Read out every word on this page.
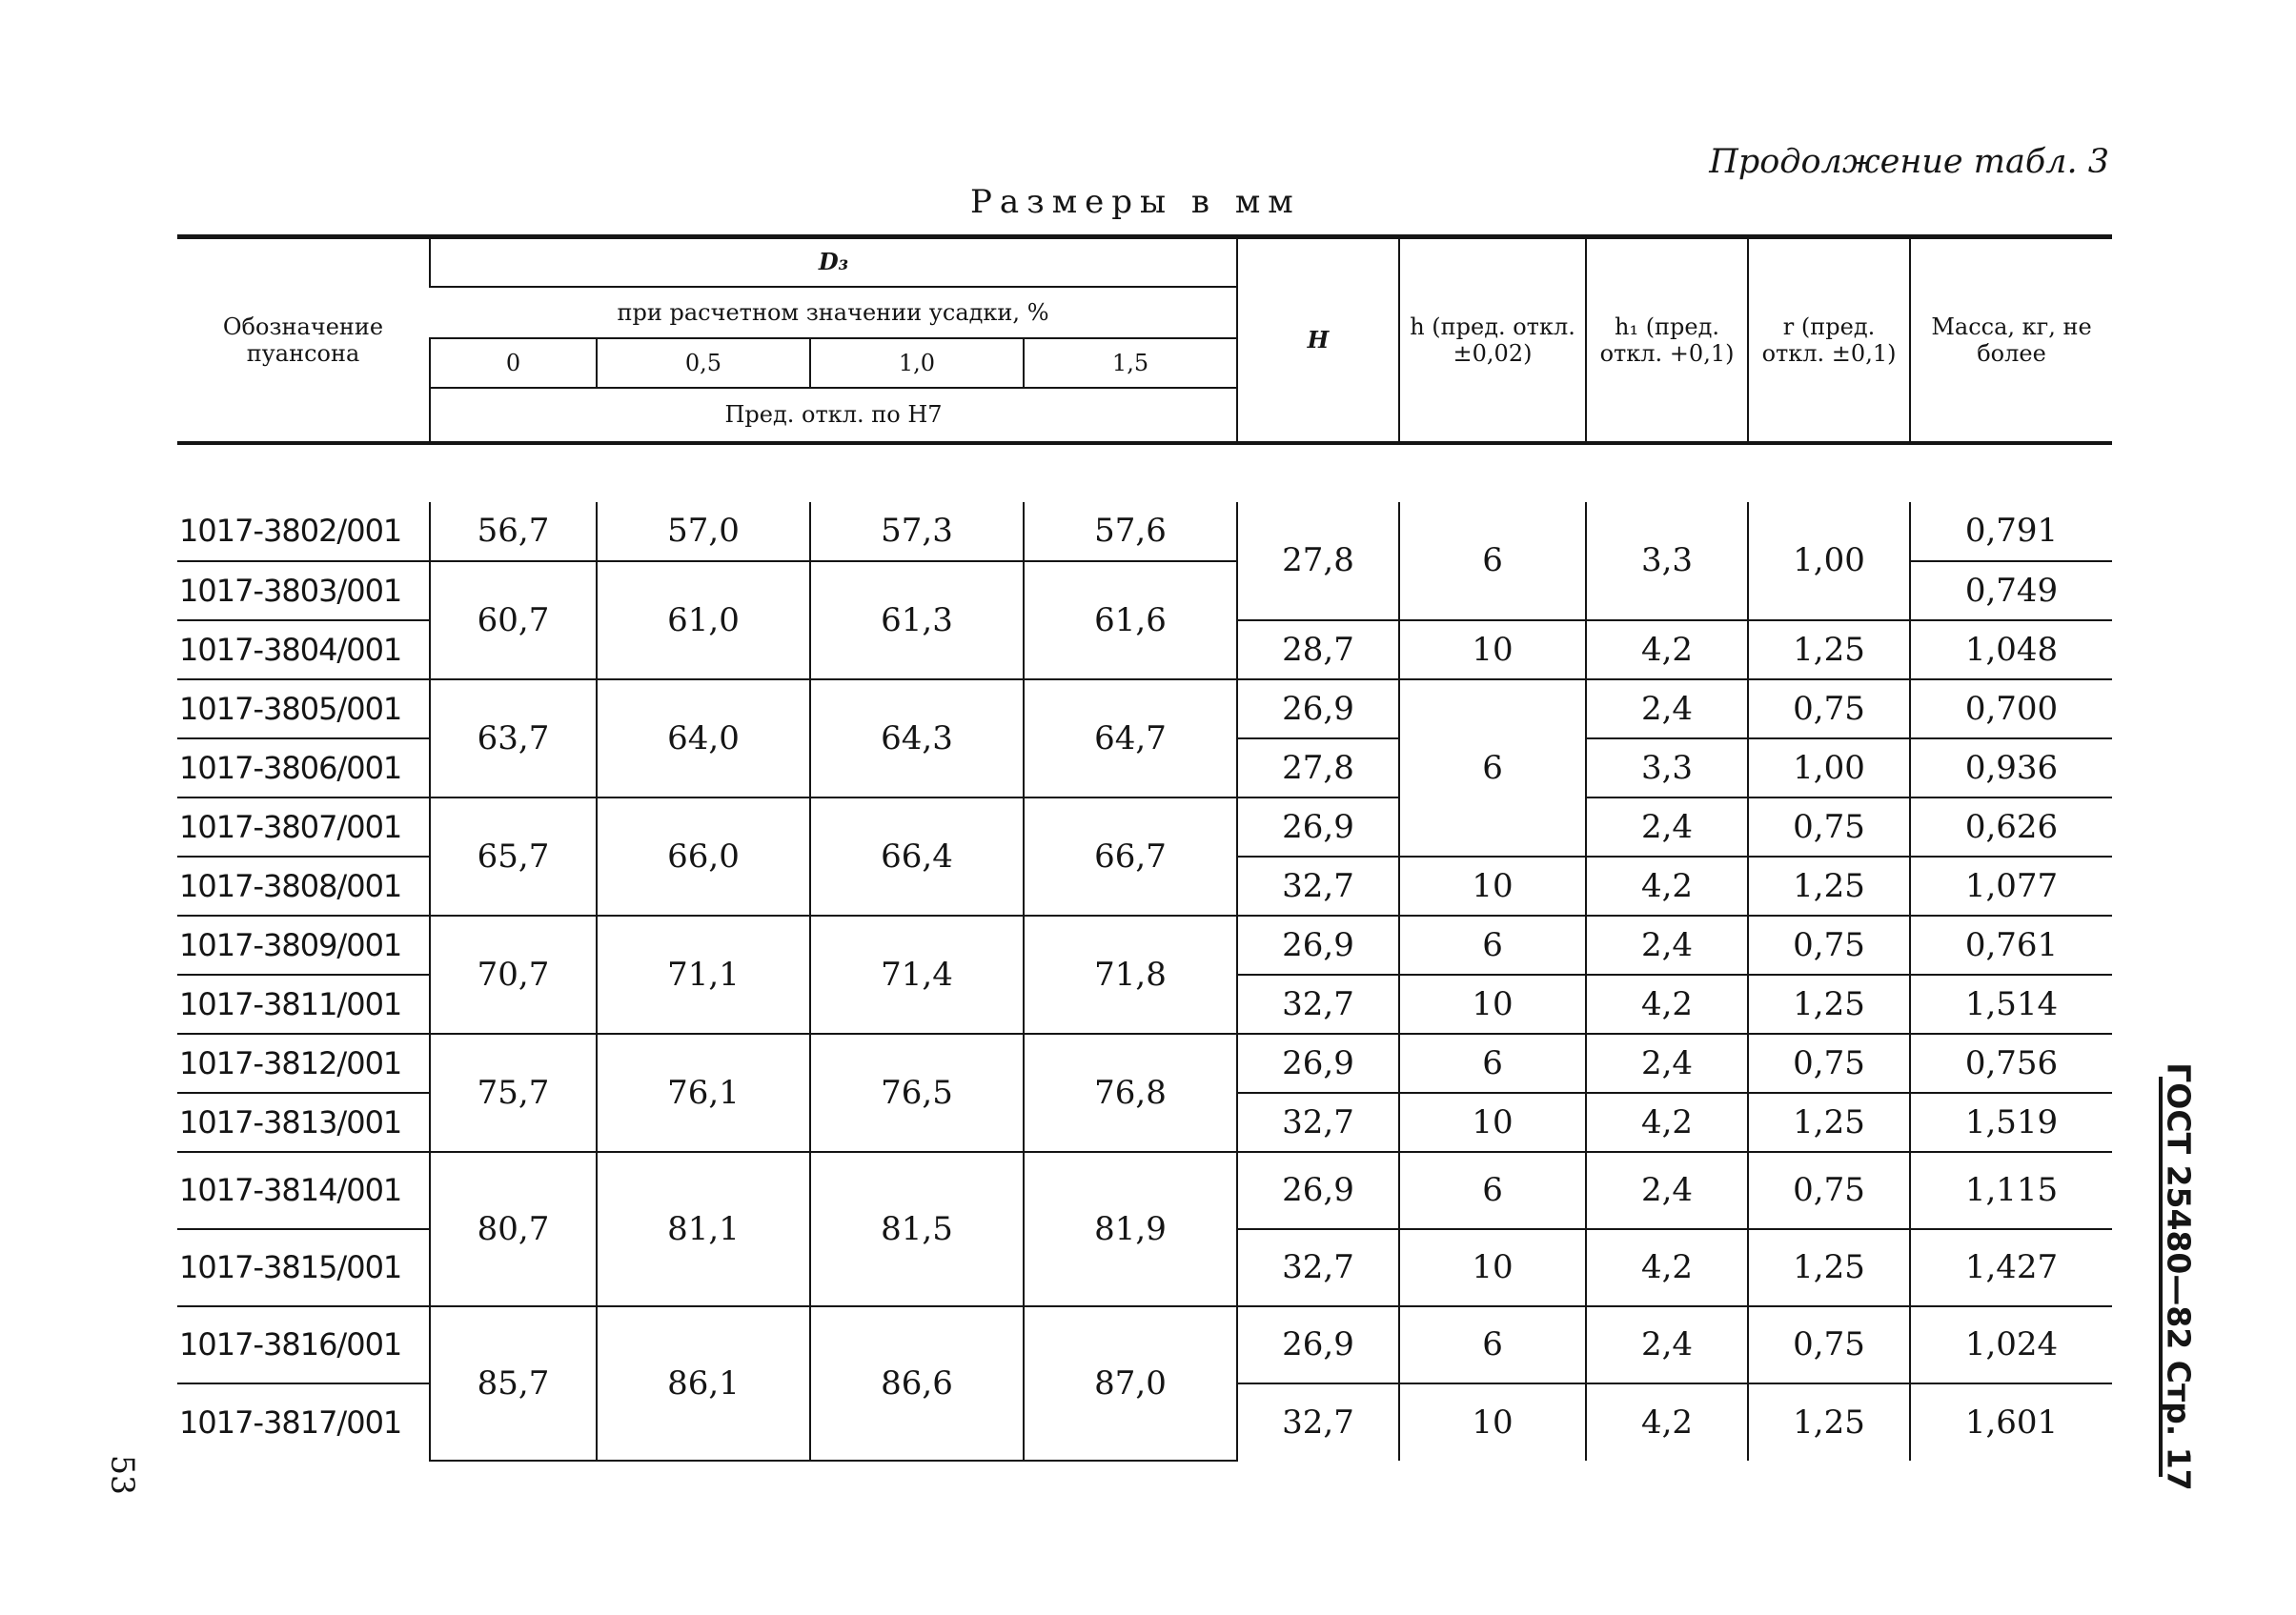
Продолжение табл. 3
Размеры в мм
Обозначение пуансона	D₃				H	h (пред. откл. ±0,02)	h₁ (пред. откл. +0,1)	r (пред. откл. ±0,1)	Масса, кг, не более
	при расчетном значении усадки, %								
	0	0,5	1,0	1,5					
	Пред. откл. по H7								

1017-3802/001	56,7	57,0	57,3	57,6	27,8	6	3,3	1,00	0,791
1017-3803/001	60,7	61,0	61,3	61,6					0,749
1017-3804/001					28,7	10	4,2	1,25	1,048
1017-3805/001	63,7	64,0	64,3	64,7	26,9	6	2,4	0,75	0,700
1017-3806/001					27,8		3,3	1,00	0,936
1017-3807/001	65,7	66,0	66,4	66,7	26,9		2,4	0,75	0,626
1017-3808/001					32,7	10	4,2	1,25	1,077
1017-3809/001	70,7	71,1	71,4	71,8	26,9	6	2,4	0,75	0,761
1017-3811/001					32,7	10	4,2	1,25	1,514
1017-3812/001	75,7	76,1	76,5	76,8	26,9	6	2,4	0,75	0,756
1017-3813/001					32,7	10	4,2	1,25	1,519
1017-3814/001	80,7	81,1	81,5	81,9	26,9	6	2,4	0,75	1,115
1017-3815/001					32,7	10	4,2	1,25	1,427
1017-3816/001	85,7	86,1	86,6	87,0	26,9	6	2,4	0,75	1,024
1017-3817/001					32,7	10	4,2	1,25	1,601	ГОСТ 25480—82 Стр. 17
53
